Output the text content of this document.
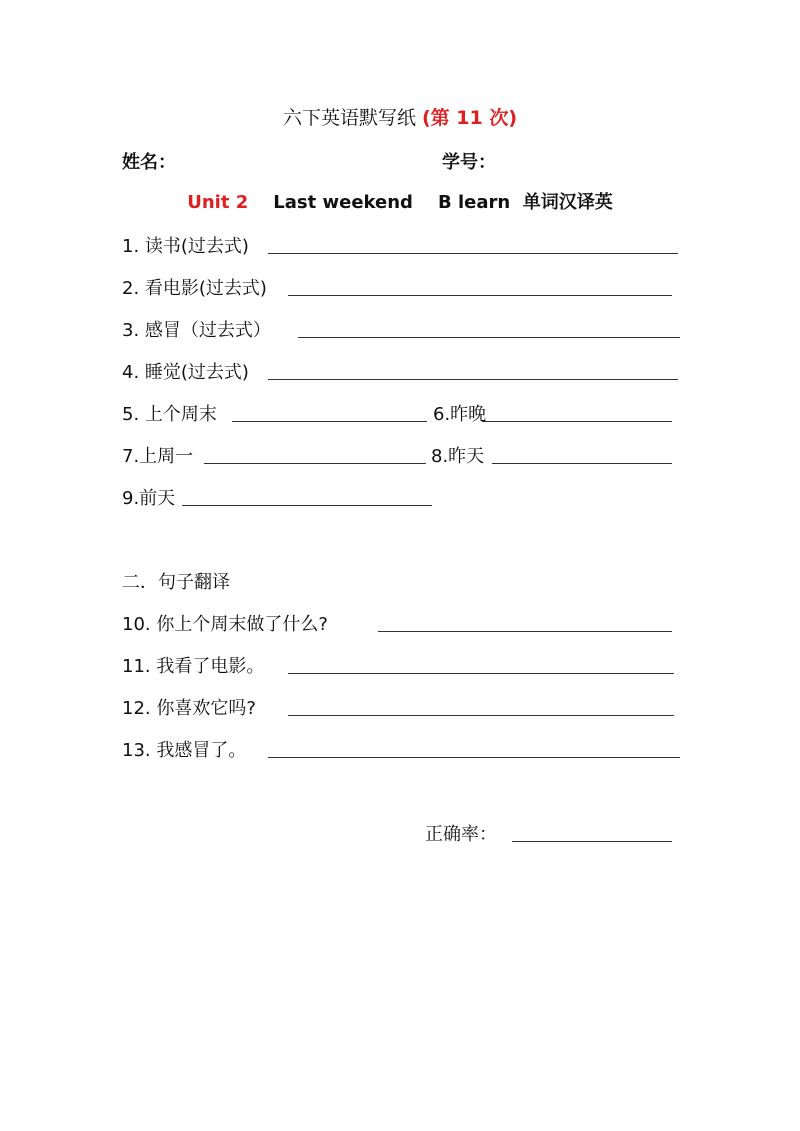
六下英语默写纸 (第 11 次)
姓名：	学号：
Unit 2 Last weekend B learn 单词汉译英
1. 读书(过去式)
2. 看电影(过去式)
3. 感冒（过去式）
4. 睡觉(过去式)
5. 上个周末	6.昨晚
7.上周一	8.昨天
9.前天
二．句子翻译
10. 你上个周末做了什么?
11. 我看了电影。
12. 你喜欢它吗?
13. 我感冒了。
正确率：
